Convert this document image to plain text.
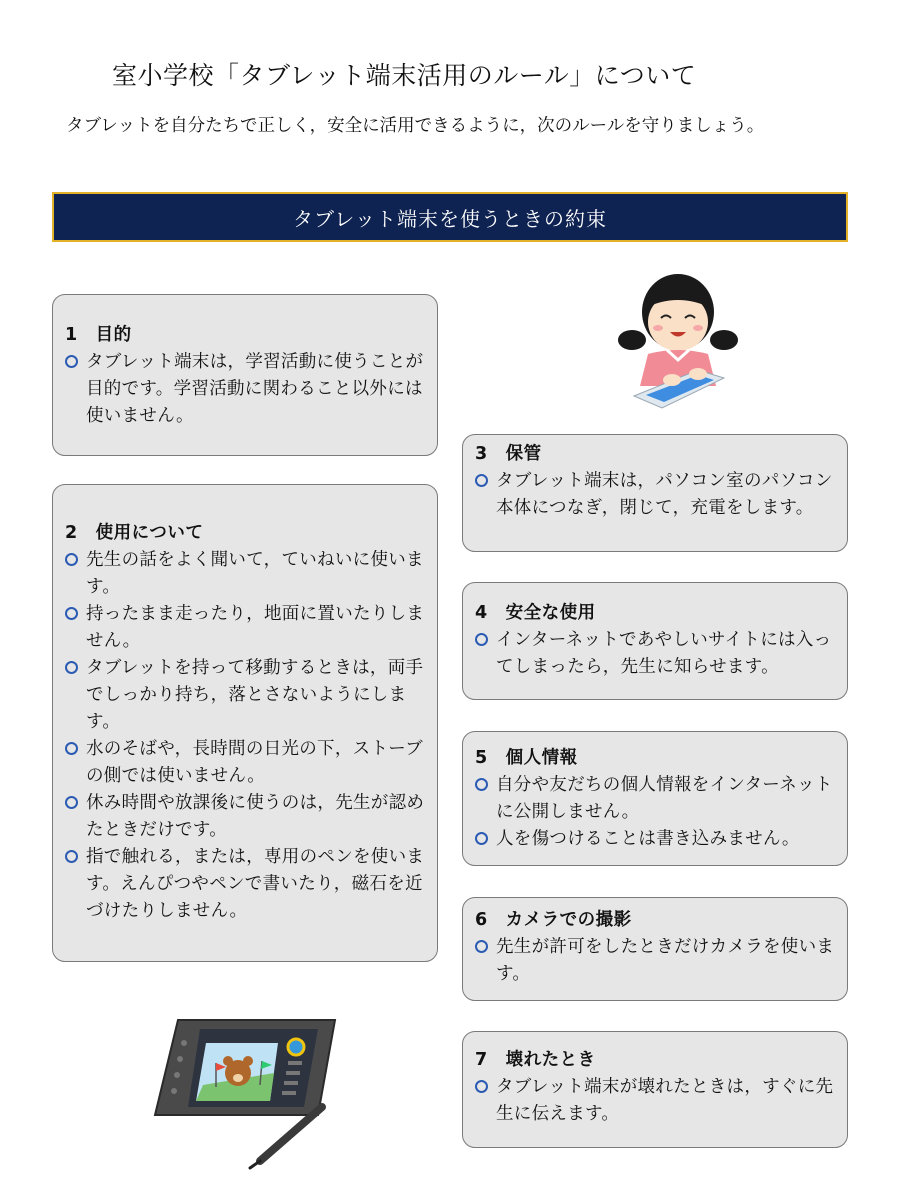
室小学校「タブレット端末活用のルール」について
タブレットを自分たちで正しく，安全に活用できるように，次のルールを守りましょう。
タブレット端末を使うときの約束
1　目的
タブレット端末は，学習活動に使うことが目的です。学習活動に関わること以外には使いません。
2　使用について
先生の話をよく聞いて，ていねいに使います。
持ったまま走ったり，地面に置いたりしません。
タブレットを持って移動するときは，両手でしっかり持ち，落とさないようにします。
水のそばや，長時間の日光の下，ストーブの側では使いません。
休み時間や放課後に使うのは，先生が認めたときだけです。
指で触れる，または，専用のペンを使います。えんぴつやペンで書いたり，磁石を近づけたりしません。
3　保管
タブレット端末は，パソコン室のパソコン本体につなぎ，閉じて，充電をします。
4　安全な使用
インターネットであやしいサイトには入ってしまったら，先生に知らせます。
5　個人情報
自分や友だちの個人情報をインターネットに公開しません。
人を傷つけることは書き込みません。
6　カメラでの撮影
先生が許可をしたときだけカメラを使います。
7　壊れたとき
タブレット端末が壊れたときは，すぐに先生に伝えます。
